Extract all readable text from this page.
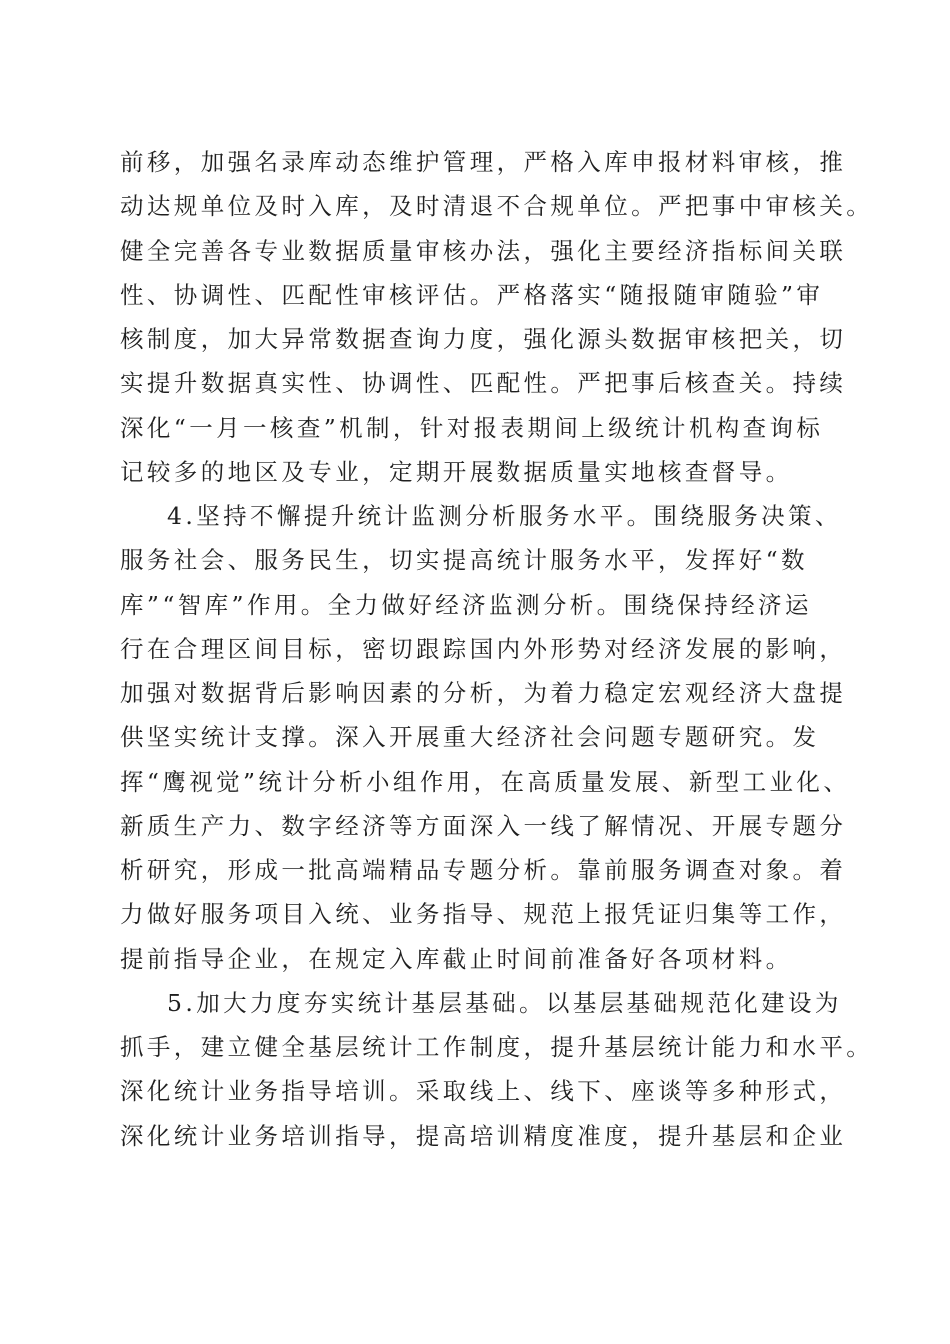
前移，加强名录库动态维护管理，严格入库申报材料审核，推
动达规单位及时入库，及时清退不合规单位。严把事中审核关。
健全完善各专业数据质量审核办法，强化主要经济指标间关联
性、协调性、匹配性审核评估。严格落实“随报随审随验”审
核制度，加大异常数据查询力度，强化源头数据审核把关，切
实提升数据真实性、协调性、匹配性。严把事后核查关。持续
深化“一月一核查”机制，针对报表期间上级统计机构查询标
记较多的地区及专业，定期开展数据质量实地核查督导。
4.坚持不懈提升统计监测分析服务水平。围绕服务决策、
服务社会、服务民生，切实提高统计服务水平，发挥好“数
库”“智库”作用。全力做好经济监测分析。围绕保持经济运
行在合理区间目标，密切跟踪国内外形势对经济发展的影响，
加强对数据背后影响因素的分析，为着力稳定宏观经济大盘提
供坚实统计支撑。深入开展重大经济社会问题专题研究。发
挥“鹰视觉”统计分析小组作用，在高质量发展、新型工业化、
新质生产力、数字经济等方面深入一线了解情况、开展专题分
析研究，形成一批高端精品专题分析。靠前服务调查对象。着
力做好服务项目入统、业务指导、规范上报凭证归集等工作，
提前指导企业，在规定入库截止时间前准备好各项材料。
5.加大力度夯实统计基层基础。以基层基础规范化建设为
抓手，建立健全基层统计工作制度，提升基层统计能力和水平。
深化统计业务指导培训。采取线上、线下、座谈等多种形式，
深化统计业务培训指导，提高培训精度准度，提升基层和企业
